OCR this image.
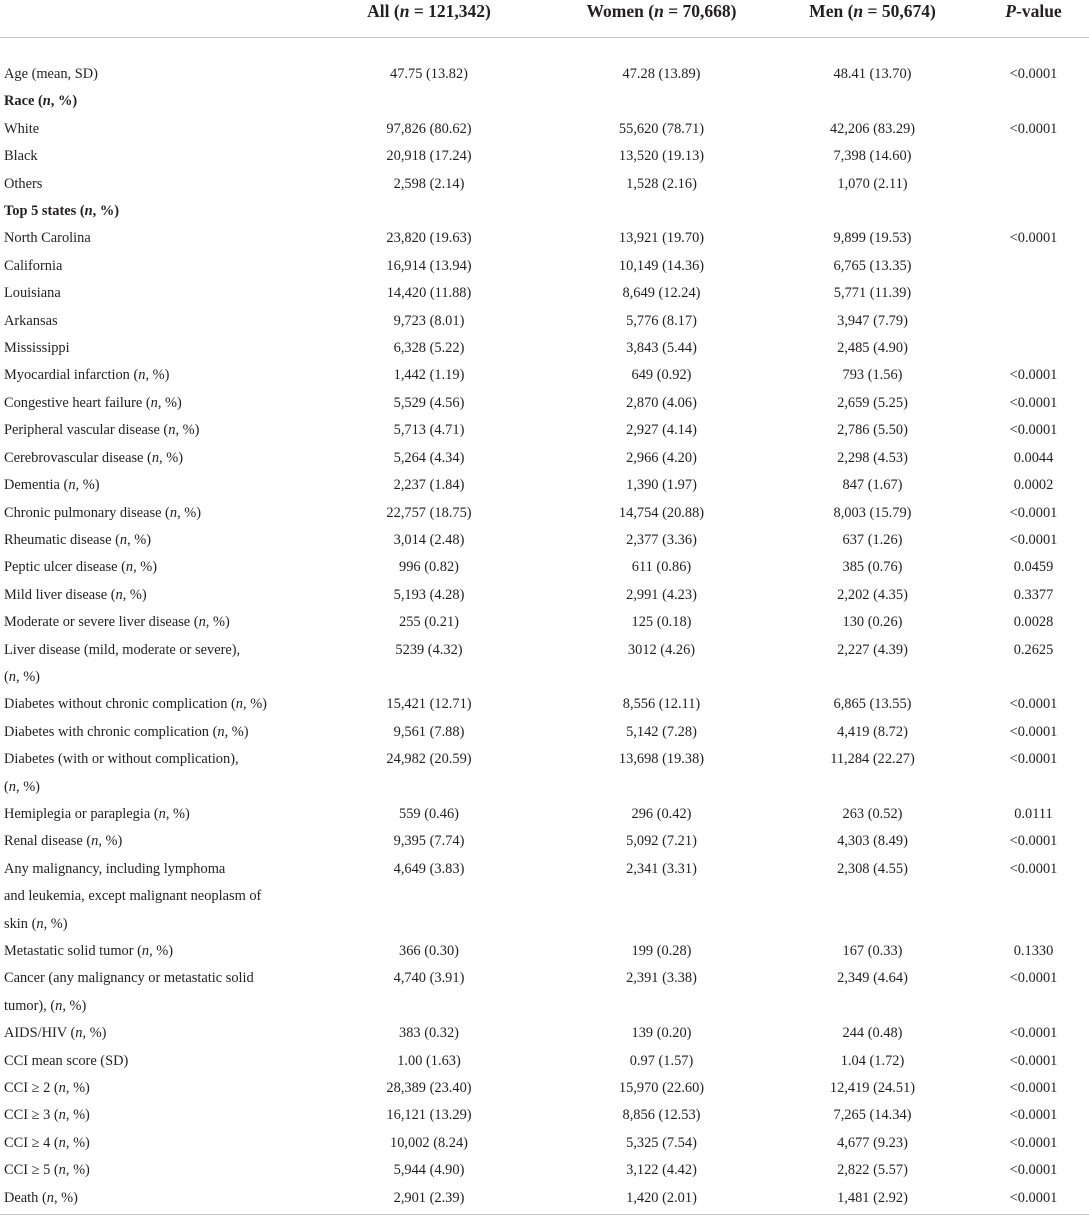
	All (n = 121,342)	Women (n = 70,668)	Men (n = 50,674)	P-value

Age (mean, SD)	47.75 (13.82)	47.28 (13.89)	48.41 (13.70)	<0.0001
Race (n, %)				
White	97,826 (80.62)	55,620 (78.71)	42,206 (83.29)	<0.0001
Black	20,918 (17.24)	13,520 (19.13)	7,398 (14.60)	
Others	2,598 (2.14)	1,528 (2.16)	1,070 (2.11)	
Top 5 states (n, %)				
North Carolina	23,820 (19.63)	13,921 (19.70)	9,899 (19.53)	<0.0001
California	16,914 (13.94)	10,149 (14.36)	6,765 (13.35)	
Louisiana	14,420 (11.88)	8,649 (12.24)	5,771 (11.39)	
Arkansas	9,723 (8.01)	5,776 (8.17)	3,947 (7.79)	
Mississippi	6,328 (5.22)	3,843 (5.44)	2,485 (4.90)	
Myocardial infarction (n, %)	1,442 (1.19)	649 (0.92)	793 (1.56)	<0.0001
Congestive heart failure (n, %)	5,529 (4.56)	2,870 (4.06)	2,659 (5.25)	<0.0001
Peripheral vascular disease (n, %)	5,713 (4.71)	2,927 (4.14)	2,786 (5.50)	<0.0001
Cerebrovascular disease (n, %)	5,264 (4.34)	2,966 (4.20)	2,298 (4.53)	0.0044
Dementia (n, %)	2,237 (1.84)	1,390 (1.97)	847 (1.67)	0.0002
Chronic pulmonary disease (n, %)	22,757 (18.75)	14,754 (20.88)	8,003 (15.79)	<0.0001
Rheumatic disease (n, %)	3,014 (2.48)	2,377 (3.36)	637 (1.26)	<0.0001
Peptic ulcer disease (n, %)	996 (0.82)	611 (0.86)	385 (0.76)	0.0459
Mild liver disease (n, %)	5,193 (4.28)	2,991 (4.23)	2,202 (4.35)	0.3377
Moderate or severe liver disease (n, %)	255 (0.21)	125 (0.18)	130 (0.26)	0.0028
Liver disease (mild, moderate or severe),	5239 (4.32)	3012 (4.26)	2,227 (4.39)	0.2625
(n, %)				
Diabetes without chronic complication (n, %)	15,421 (12.71)	8,556 (12.11)	6,865 (13.55)	<0.0001
Diabetes with chronic complication (n, %)	9,561 (7.88)	5,142 (7.28)	4,419 (8.72)	<0.0001
Diabetes (with or without complication),	24,982 (20.59)	13,698 (19.38)	11,284 (22.27)	<0.0001
(n, %)				
Hemiplegia or paraplegia (n, %)	559 (0.46)	296 (0.42)	263 (0.52)	0.0111
Renal disease (n, %)	9,395 (7.74)	5,092 (7.21)	4,303 (8.49)	<0.0001
Any malignancy, including lymphoma	4,649 (3.83)	2,341 (3.31)	2,308 (4.55)	<0.0001
and leukemia, except malignant neoplasm of				
skin (n, %)				
Metastatic solid tumor (n, %)	366 (0.30)	199 (0.28)	167 (0.33)	0.1330
Cancer (any malignancy or metastatic solid	4,740 (3.91)	2,391 (3.38)	2,349 (4.64)	<0.0001
tumor), (n, %)				
AIDS/HIV (n, %)	383 (0.32)	139 (0.20)	244 (0.48)	<0.0001
CCI mean score (SD)	1.00 (1.63)	0.97 (1.57)	1.04 (1.72)	<0.0001
CCI ≥ 2 (n, %)	28,389 (23.40)	15,970 (22.60)	12,419 (24.51)	<0.0001
CCI ≥ 3 (n, %)	16,121 (13.29)	8,856 (12.53)	7,265 (14.34)	<0.0001
CCI ≥ 4 (n, %)	10,002 (8.24)	5,325 (7.54)	4,677 (9.23)	<0.0001
CCI ≥ 5 (n, %)	5,944 (4.90)	3,122 (4.42)	2,822 (5.57)	<0.0001
Death (n, %)	2,901 (2.39)	1,420 (2.01)	1,481 (2.92)	<0.0001
